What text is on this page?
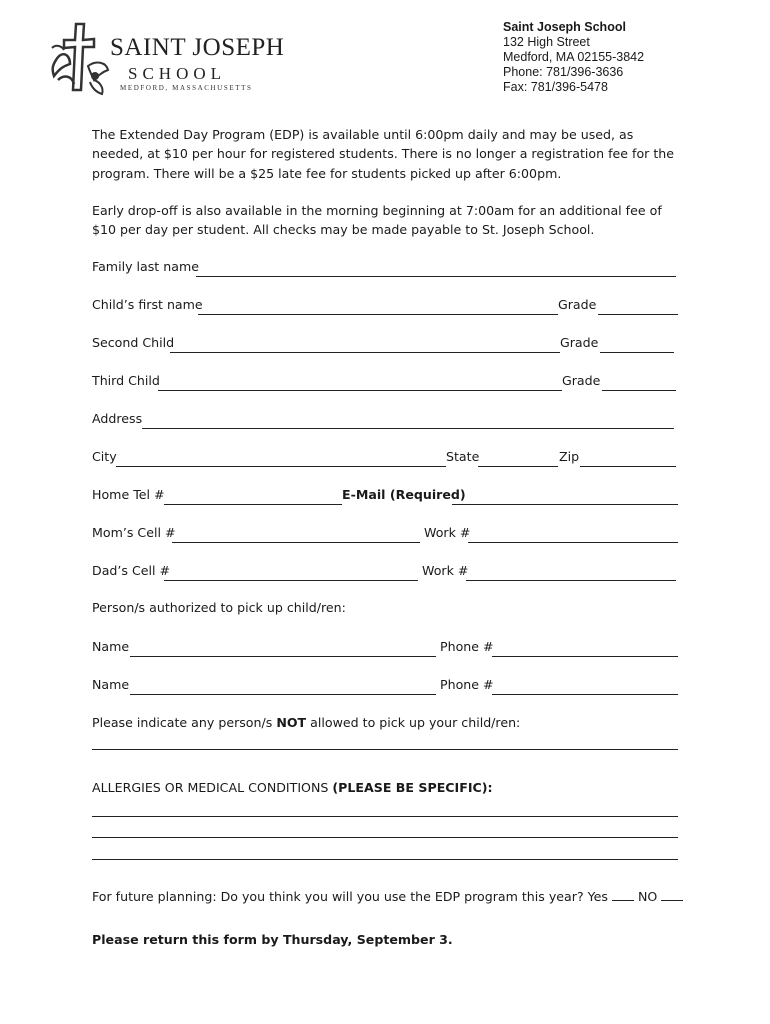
SAINT JOSEPH
SCHOOL
MEDFORD, MASSACHUSETTS
Saint Joseph School
132 High Street
Medford, MA 02155-3842
Phone: 781/396-3636
Fax: 781/396-5478
The Extended Day Program (EDP) is available until 6:00pm daily and may be used, as needed, at $10 per hour for registered students. There is no longer a registration fee for the program. There will be a $25 late fee for students picked up after 6:00pm.
Early drop-off is also available in the morning beginning at 7:00am for an additional fee of $10 per day per student. All checks may be made payable to St. Joseph School.
Family last name
Child’s first name	Grade
Second Child	Grade
Third Child	Grade
Address
City	State	Zip
Home Tel #	E-Mail (Required)
Mom’s Cell #	Work #
Dad’s Cell #	Work #
Person/s authorized to pick up child/ren:
Name	Phone #
Name	Phone #
Please indicate any person/s NOT allowed to pick up your child/ren:
ALLERGIES OR MEDICAL CONDITIONS (PLEASE BE SPECIFIC):
For future planning: Do you think you will you use the EDP program this year? Yes  NO
Please return this form by Thursday, September 3.
